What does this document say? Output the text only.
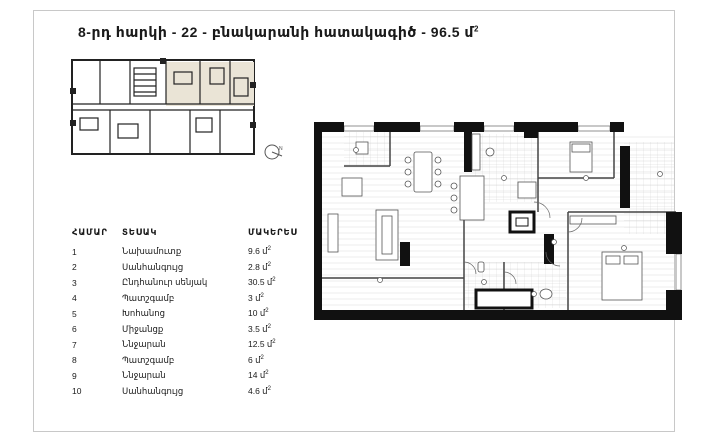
8-րդ հարկի - 22 - բնակարանի հատակագիծ - 96.5 մ$^2$
N
ՀԱՄԱՐ	ՏԵՍԱԿ	ՄԱԿԵՐԵՍ
1	Նախամուտք	9.6 մ$^2$
2	Սանհանգույց	2.8 մ$^2$
3	Ընդհանուր սենյակ	30.5 մ$^2$
4	Պատշգամբ	3 մ$^2$
5	Խոհանոց	10 մ$^2$
6	Միջանցք	3.5 մ$^2$
7	Ննջարան	12.5 մ$^2$
8	Պատշգամբ	6 մ$^2$
9	Ննջարան	14 մ$^2$
10	Սանհանգույց	4.6 մ$^2$
